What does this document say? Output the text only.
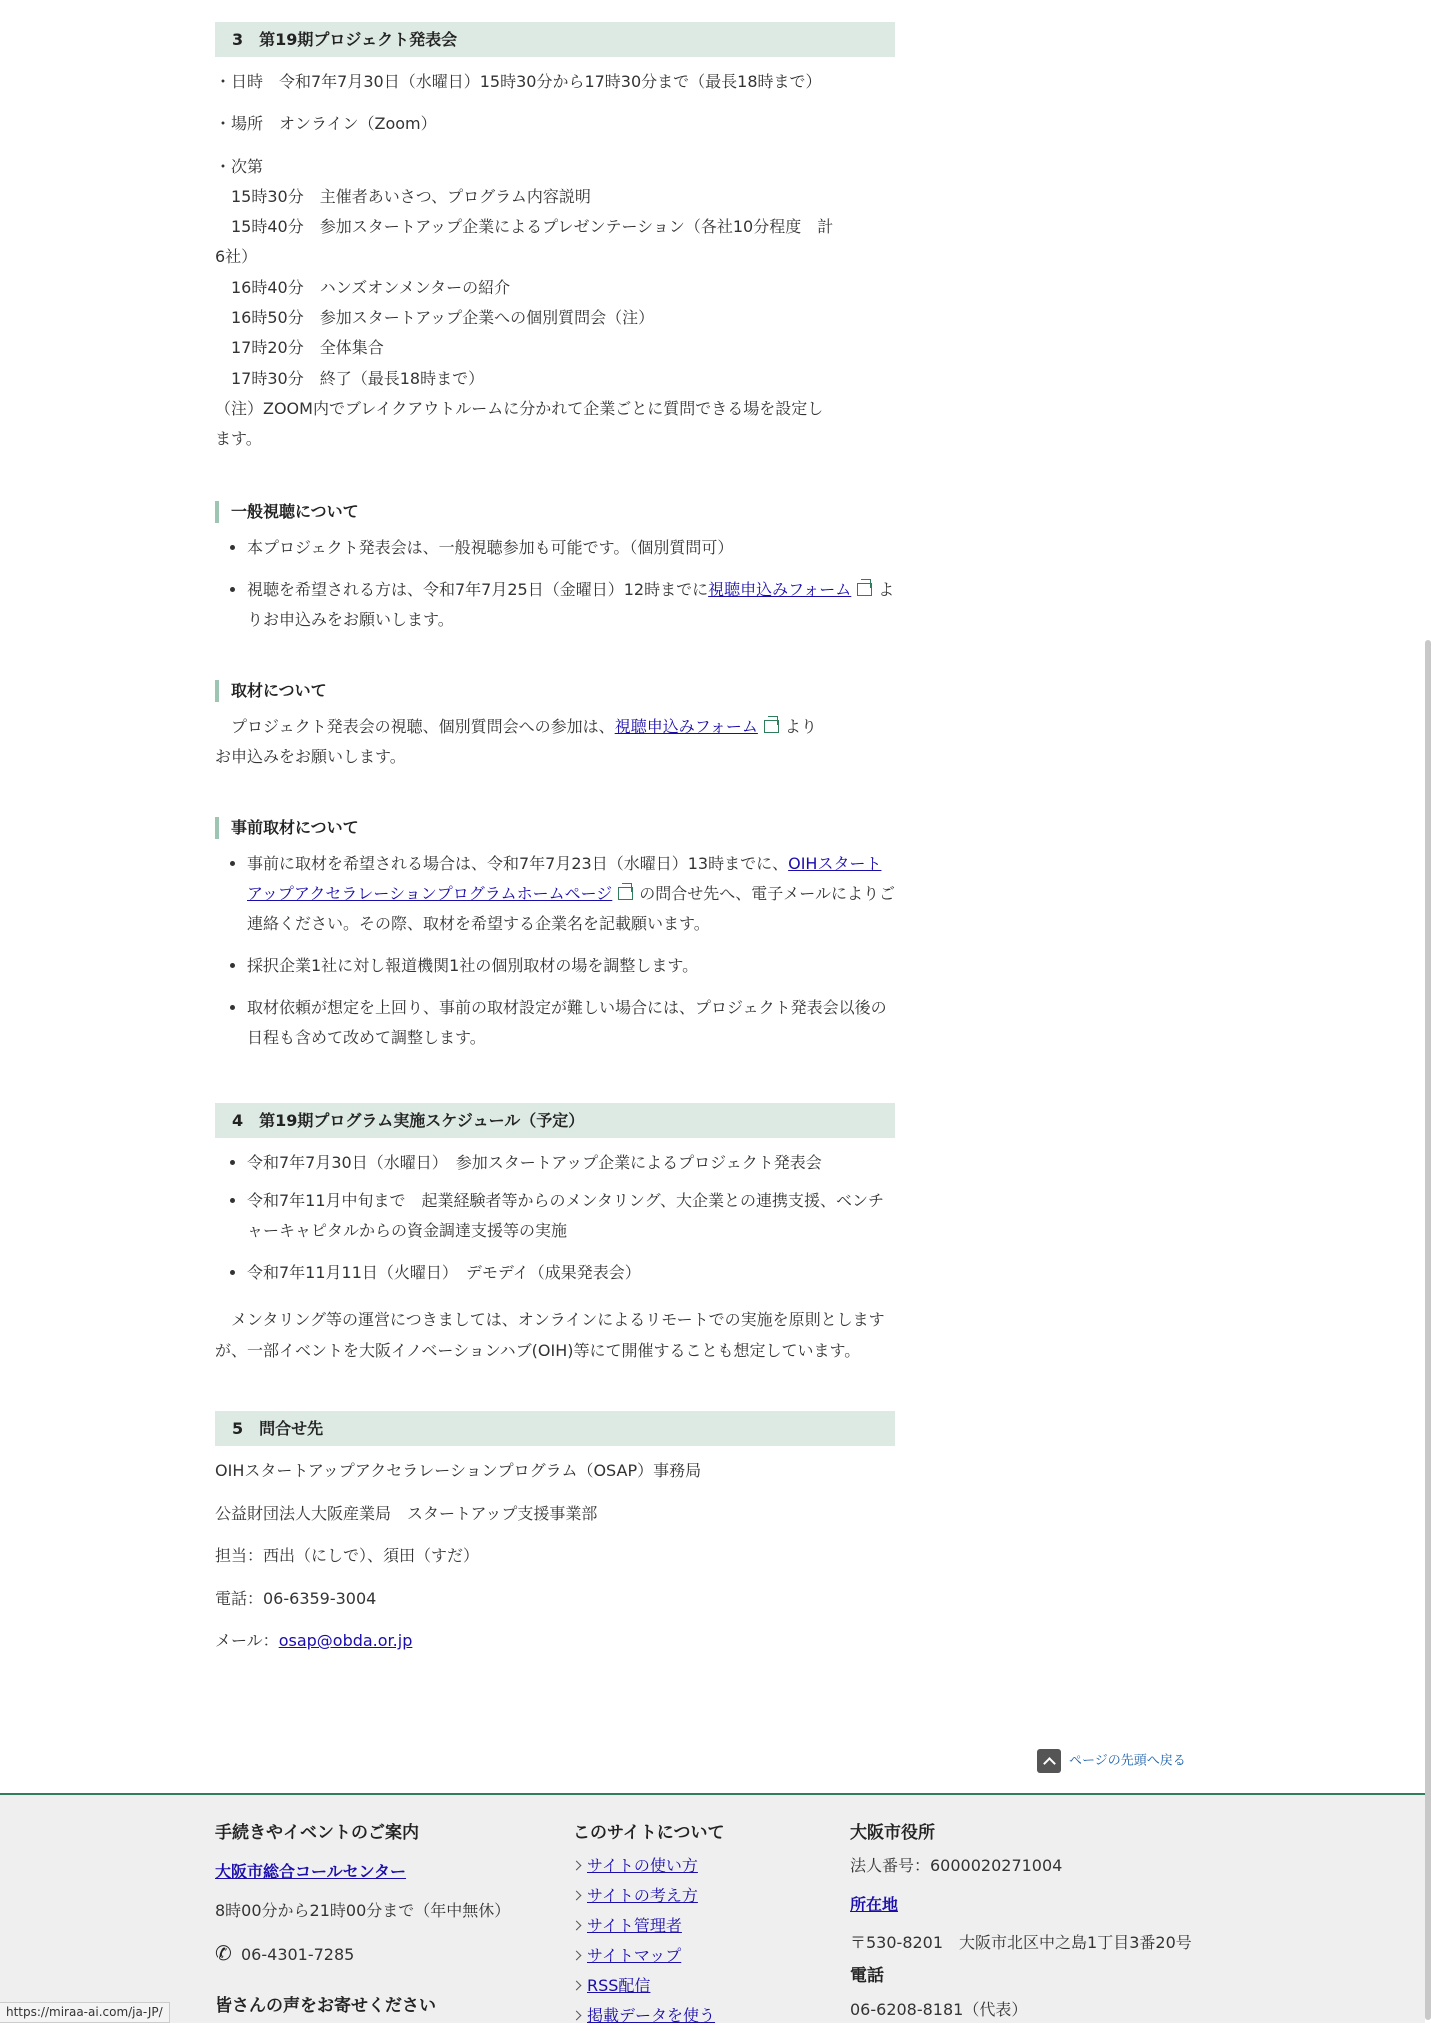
3　第19期プロジェクト発表会

・日時　令和7年7月30日（水曜日）15時30分から17時30分まで（最長18時まで）

・場所　オンライン（Zoom）

・次第

　15時30分　主催者あいさつ、プログラム内容説明

　15時40分　参加スタートアップ企業によるプレゼンテーション（各社10分程度　計

6社）

　16時40分　ハンズオンメンターの紹介

　16時50分　参加スタートアップ企業への個別質問会（注）

　17時20分　全体集合

　17時30分　終了（最長18時まで）

（注）ZOOM内でブレイクアウトルームに分かれて企業ごとに質問できる場を設定し

ます。

一般視聴について
• 本プロジェクト発表会は、一般視聴参加も可能です。（個別質問可）
• 視聴を希望される方は、令和7年7月25日（金曜日）12時までに視聴申込みフォーム よりお申込みをお願いします。
取材について

　プロジェクト発表会の視聴、個別質問会への参加は、視聴申込みフォーム より
お申込みをお願いします。

事前取材について
• 事前に取材を希望される場合は、令和7年7月23日（水曜日）13時までに、OIHスタートアップアクセラレーションプログラムホームページ の問合せ先へ、電子メールによりご連絡ください。その際、取材を希望する企業名を記載願います。
• 採択企業1社に対し報道機関1社の個別取材の場を調整します。
• 取材依頼が想定を上回り、事前の取材設定が難しい場合には、プロジェクト発表会以後の日程も含めて改めて調整します。
4　第19期プログラム実施スケジュール（予定）
• 令和7年7月30日（水曜日）　参加スタートアップ企業によるプロジェクト発表会
• 令和7年11月中旬まで　起業経験者等からのメンタリング、大企業との連携支援、ベンチャーキャピタルからの資金調達支援等の実施
• 令和7年11月11日（火曜日）　デモデイ（成果発表会）

　メンタリング等の運営につきましては、オンラインによるリモートでの実施を原則としますが、一部イベントを大阪イノベーションハブ(OIH)等にて開催することも想定しています。

5　問合せ先

OIHスタートアップアクセラレーションプログラム（OSAP）事務局

公益財団法人大阪産業局　スタートアップ支援事業部

担当：西出（にしで）、須田（すだ）

電話：06-6359-3004

メール：osap@obda.or.jp

ページの先頭へ戻る
手続きやイベントのご案内
大阪市総合コールセンター
8時00分から21時00分まで（年中無休）
✆ 06-4301-7285
皆さんの声をお寄せください
このサイトについて
サイトの使い方
サイトの考え方
サイト管理者
サイトマップ
RSS配信
掲載データを使う
大阪市役所
法人番号：6000020271004
所在地
〒530-8201　大阪市北区中之島1丁目3番20号
電話
06-6208-8181（代表）
https://miraa-ai.com/ja-JP/
